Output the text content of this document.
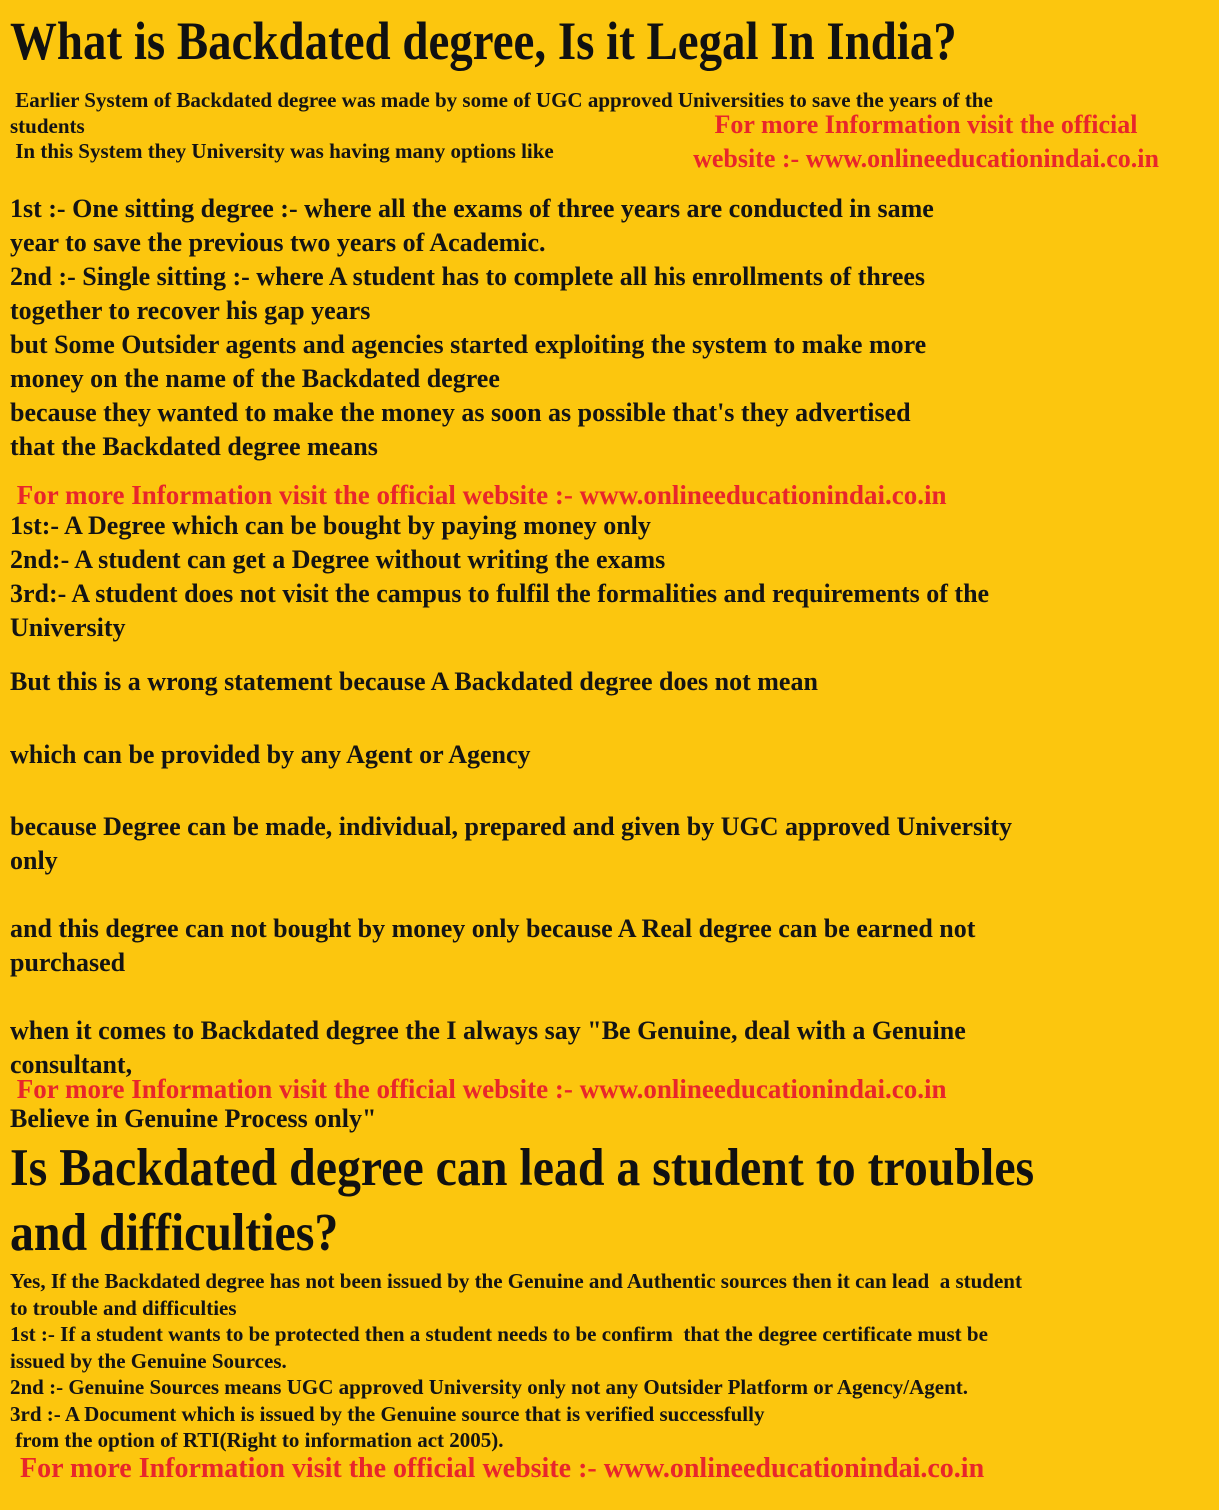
What is Backdated degree, Is it Legal In India?
Earlier System of Backdated degree was made by some of UGC approved Universities to save the years of the
students
In this System they University was having many options like
For more Information visit the official
website :- www.onlineeducationindai.co.in
1st :- One sitting degree :- where all the exams of three years are conducted in same
year to save the previous two years of Academic.
2nd :- Single sitting :- where A student has to complete all his enrollments of threes
together to recover his gap years
but Some Outsider agents and agencies started exploiting the system to make more
money on the name of the Backdated degree
because they wanted to make the money as soon as possible that's they advertised
that the Backdated degree means
For more Information visit the official website :- www.onlineeducationindai.co.in
1st:- A Degree which can be bought by paying money only
2nd:- A student can get a Degree without writing the exams
3rd:- A student does not visit the campus to fulfil the formalities and requirements of the
University
But this is a wrong statement because A Backdated degree does not mean
which can be provided by any Agent or Agency
because Degree can be made, individual, prepared and given by UGC approved University
only
and this degree can not bought by money only because A Real degree can be earned not
purchased
when it comes to Backdated degree the I always say "Be Genuine, deal with a Genuine
consultant,
For more Information visit the official website :- www.onlineeducationindai.co.in
Believe in Genuine Process only"
Is Backdated degree can lead a student to troubles
and difficulties?
Yes, If the Backdated degree has not been issued by the Genuine and Authentic sources then it can lead  a student
to trouble and difficulties
1st :- If a student wants to be protected then a student needs to be confirm  that the degree certificate must be
issued by the Genuine Sources.
2nd :- Genuine Sources means UGC approved University only not any Outsider Platform or Agency/Agent.
3rd :- A Document which is issued by the Genuine source that is verified successfully
from the option of RTI(Right to information act 2005).
For more Information visit the official website :- www.onlineeducationindai.co.in
